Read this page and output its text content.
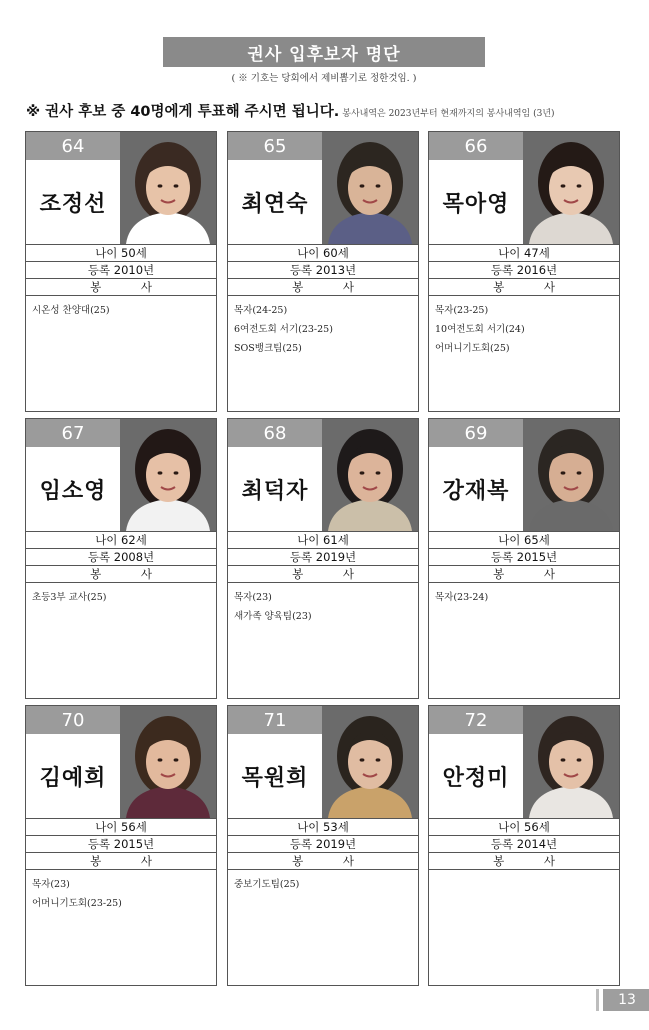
권사 입후보자 명단
( ※ 기호는 당회에서 제비뽑기로 정한것임. )
※ 권사 후보 중 40명에게 투표해 주시면 됩니다. 봉사내역은 2023년부터 현재까지의 봉사내역임 (3년)
64
조정선
나이 50세
등록 2010년
봉 사
시온성 찬양대(25)
65
최연숙
나이 60세
등록 2013년
봉 사
목자(24-25)
6여전도회 서기(23-25)
SOS뱅크팀(25)
66
목아영
나이 47세
등록 2016년
봉 사
목자(23-25)
10여전도회 서기(24)
어머니기도회(25)
67
임소영
나이 62세
등록 2008년
봉 사
초등3부 교사(25)
68
최덕자
나이 61세
등록 2019년
봉 사
목자(23)
새가족 양육팀(23)
69
강재복
나이 65세
등록 2015년
봉 사
목자(23-24)
70
김예희
나이 56세
등록 2015년
봉 사
목자(23)
어머니기도회(23-25)
71
목원희
나이 53세
등록 2019년
봉 사
중보기도팀(25)
72
안정미
나이 56세
등록 2014년
봉 사
13
